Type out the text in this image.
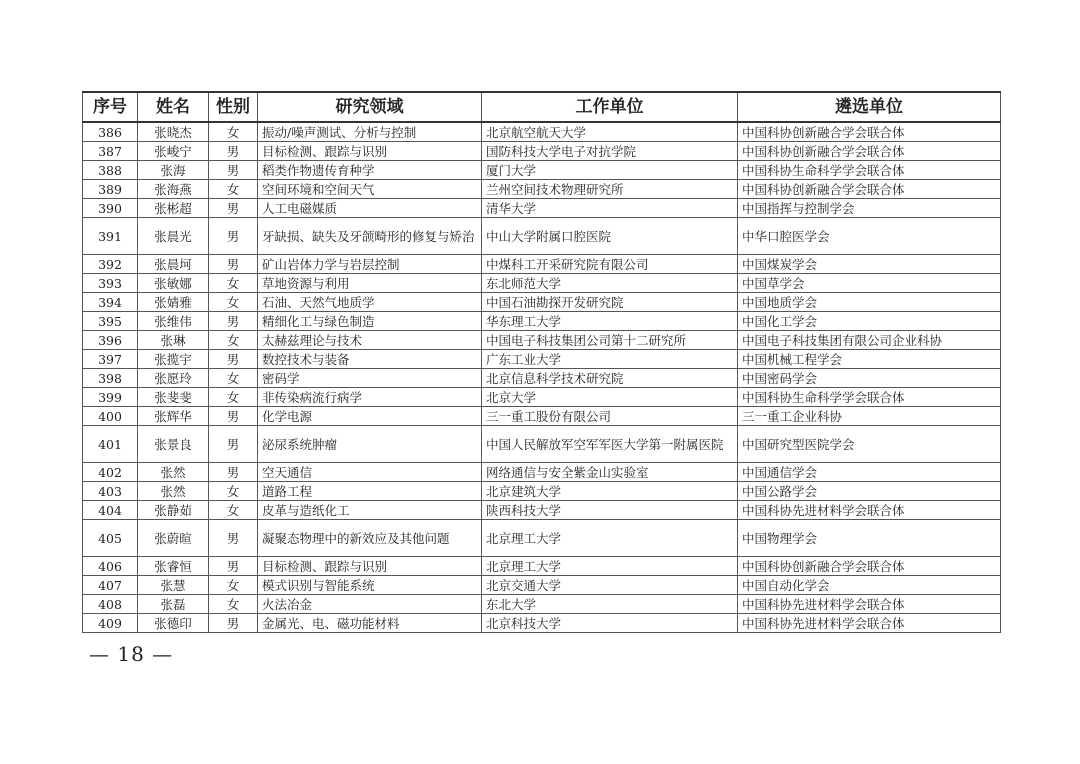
序号	姓名	性别	研究领域	工作单位	遴选单位
386	张晓杰	女	振动/噪声测试、分析与控制	北京航空航天大学	中国科协创新融合学会联合体
387	张峻宁	男	目标检测、跟踪与识别	国防科技大学电子对抗学院	中国科协创新融合学会联合体
388	张海	男	稻类作物遗传育种学	厦门大学	中国科协生命科学学会联合体
389	张海燕	女	空间环境和空间天气	兰州空间技术物理研究所	中国科协创新融合学会联合体
390	张彬超	男	人工电磁媒质	清华大学	中国指挥与控制学会
391	张晨光	男	牙缺损、缺失及牙颌畸形的修复与矫治	中山大学附属口腔医院	中华口腔医学会
392	张晨坷	男	矿山岩体力学与岩层控制	中煤科工开采研究院有限公司	中国煤炭学会
393	张敏娜	女	草地资源与利用	东北师范大学	中国草学会
394	张婧雅	女	石油、天然气地质学	中国石油勘探开发研究院	中国地质学会
395	张维伟	男	精细化工与绿色制造	华东理工大学	中国化工学会
396	张琳	女	太赫兹理论与技术	中国电子科技集团公司第十二研究所	中国电子科技集团有限公司企业科协
397	张揽宇	男	数控技术与装备	广东工业大学	中国机械工程学会
398	张愿玲	女	密码学	北京信息科学技术研究院	中国密码学会
399	张斐斐	女	非传染病流行病学	北京大学	中国科协生命科学学会联合体
400	张辉华	男	化学电源	三一重工股份有限公司	三一重工企业科协
401	张景良	男	泌尿系统肿瘤	中国人民解放军空军军医大学第一附属医院	中国研究型医院学会
402	张然	男	空天通信	网络通信与安全紫金山实验室	中国通信学会
403	张然	女	道路工程	北京建筑大学	中国公路学会
404	张静茹	女	皮革与造纸化工	陕西科技大学	中国科协先进材料学会联合体
405	张蔚暄	男	凝聚态物理中的新效应及其他问题	北京理工大学	中国物理学会
406	张睿恒	男	目标检测、跟踪与识别	北京理工大学	中国科协创新融合学会联合体
407	张慧	女	模式识别与智能系统	北京交通大学	中国自动化学会
408	张磊	女	火法冶金	东北大学	中国科协先进材料学会联合体
409	张德印	男	金属光、电、磁功能材料	北京科技大学	中国科协先进材料学会联合体
— 18 —
